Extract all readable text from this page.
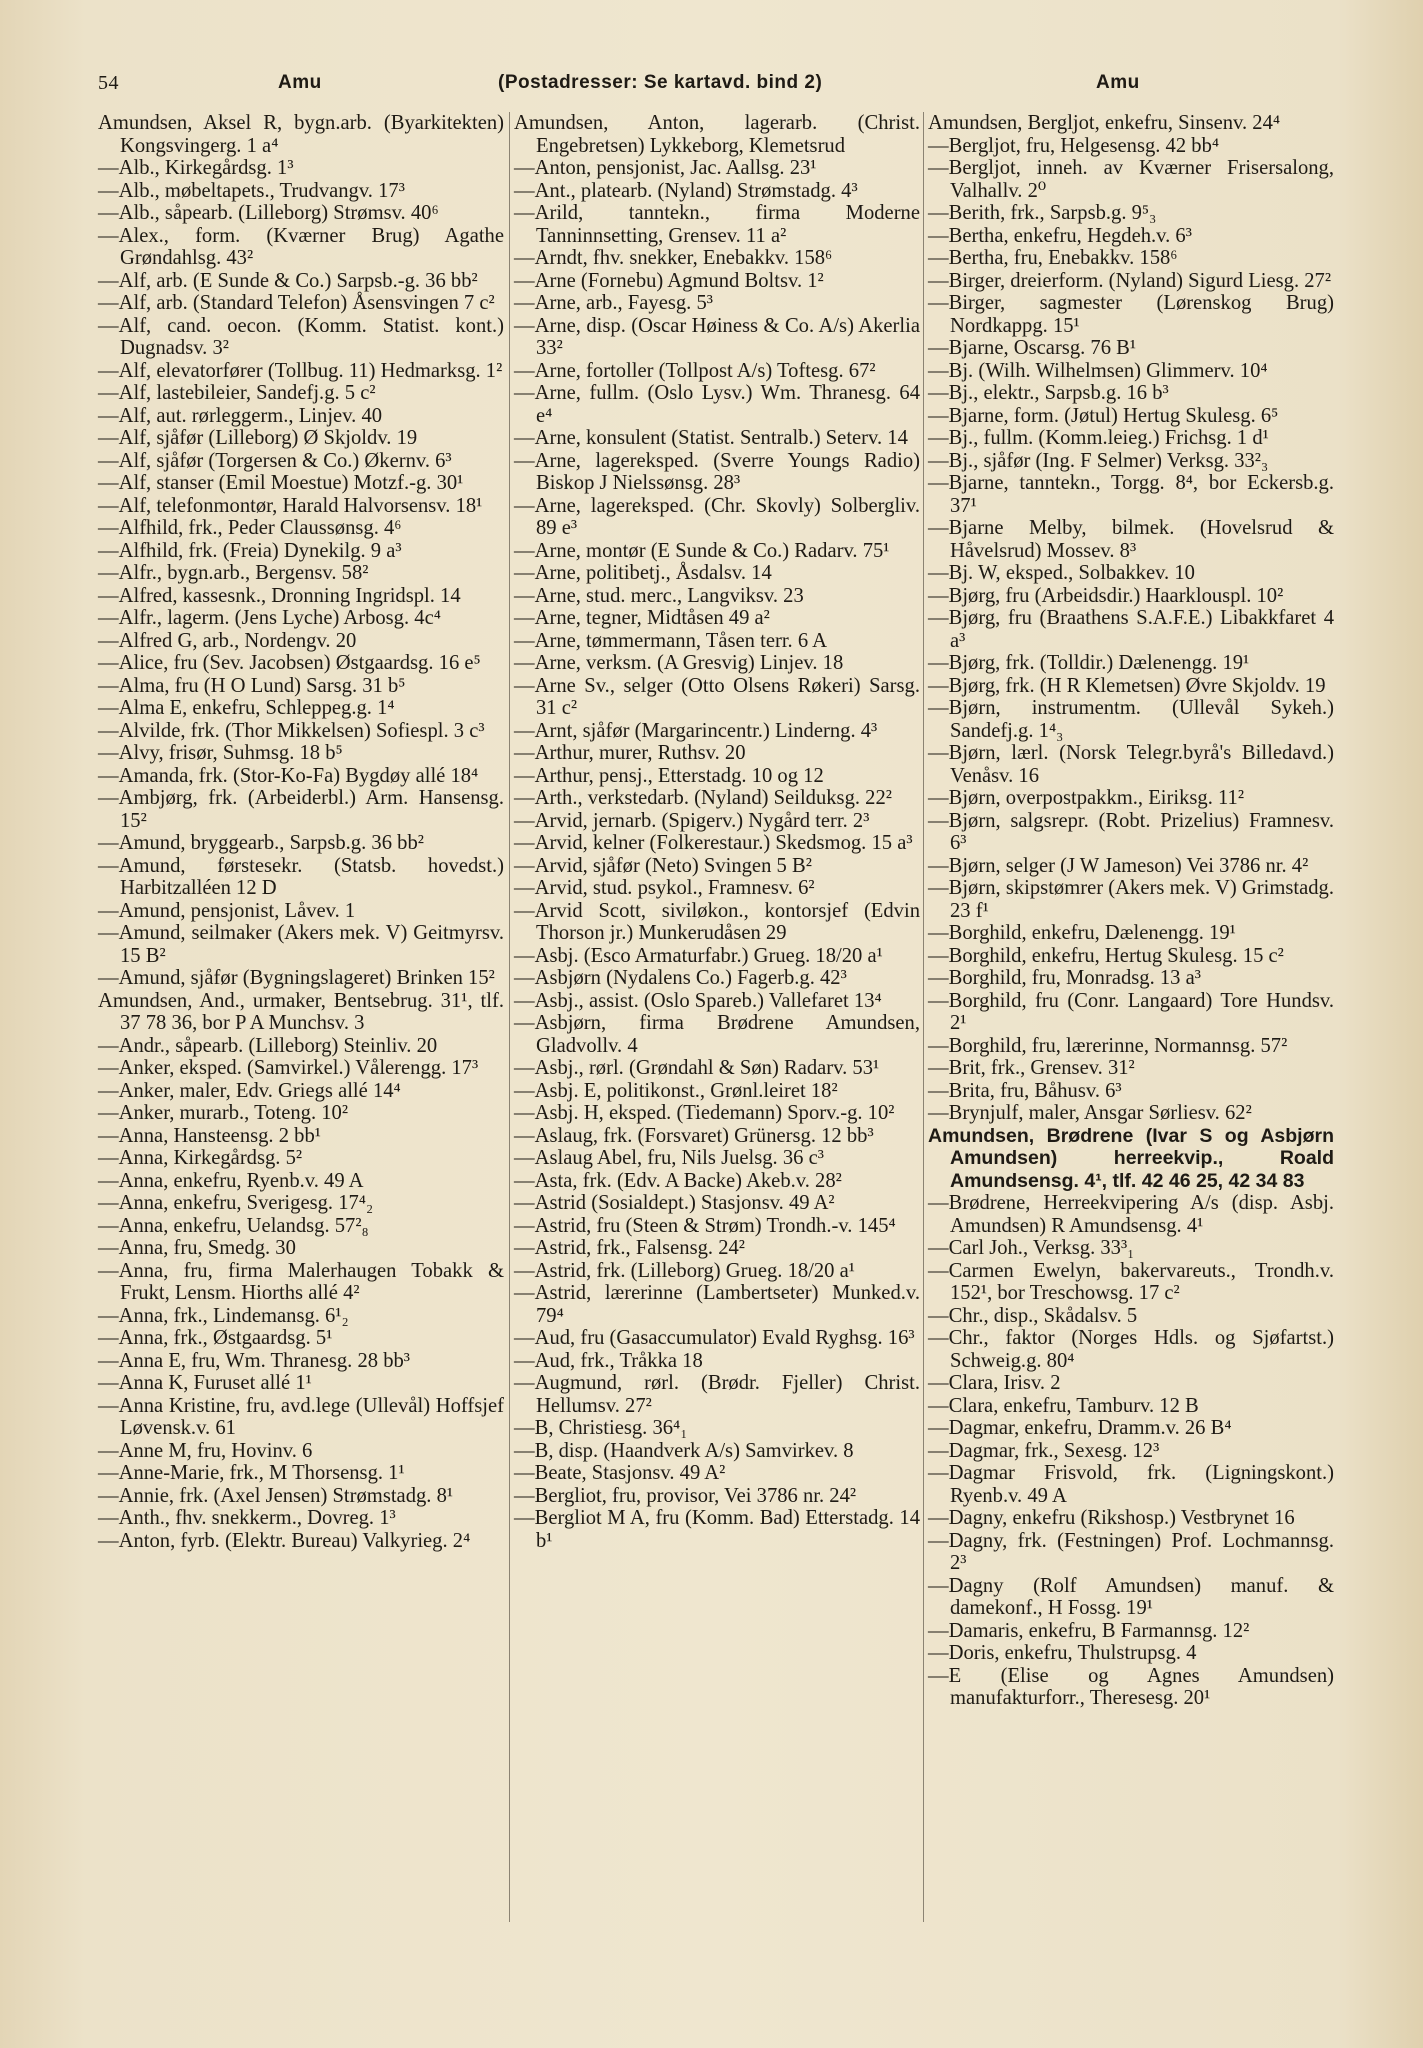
54	Amu	(Postadresser: Se kartavd. bind 2)	Amu

Amundsen, Aksel R, bygn.arb. (Byarkitekten) Kongsvingerg. 1 a⁴

—Alb., Kirkegårdsg. 1³

—Alb., møbeltapets., Trudvangv. 17³

—Alb., såpearb. (Lilleborg) Strømsv. 40⁶

—Alex., form. (Kværner Brug) Agathe Grøndahlsg. 43²

—Alf, arb. (E Sunde & Co.) Sarpsb.-g. 36 bb²

—Alf, arb. (Standard Telefon) Åsensvingen 7 c²

—Alf, cand. oecon. (Komm. Statist. kont.) Dugnadsv. 3²

—Alf, elevatorfører (Tollbug. 11) Hedmarksg. 1²

—Alf, lastebileier, Sandefj.g. 5 c²

—Alf, aut. rørleggerm., Linjev. 40

—Alf, sjåfør (Lilleborg) Ø Skjoldv. 19

—Alf, sjåfør (Torgersen & Co.) Økernv. 6³

—Alf, stanser (Emil Moestue) Motzf.-g. 30¹

—Alf, telefonmontør, Harald Halvorsensv. 18¹

—Alfhild, frk., Peder Claussønsg. 4⁶

—Alfhild, frk. (Freia) Dynekilg. 9 a³

—Alfr., bygn.arb., Bergensv. 58²

—Alfred, kassesnk., Dronning Ingridspl. 14

—Alfr., lagerm. (Jens Lyche) Arbosg. 4c⁴

—Alfred G, arb., Nordengv. 20

—Alice, fru (Sev. Jacobsen) Østgaardsg. 16 e⁵

—Alma, fru (H O Lund) Sarsg. 31 b⁵

—Alma E, enkefru, Schleppeg.g. 1⁴

—Alvilde, frk. (Thor Mikkelsen) Sofiespl. 3 c³

—Alvy, frisør, Suhmsg. 18 b⁵

—Amanda, frk. (Stor-Ko-Fa) Bygdøy allé 18⁴

—Ambjørg, frk. (Arbeiderbl.) Arm. Hansensg. 15²

—Amund, bryggearb., Sarpsb.g. 36 bb²

—Amund, førstesekr. (Statsb. hovedst.) Harbitzalléen 12 D

—Amund, pensjonist, Låvev. 1

—Amund, seilmaker (Akers mek. V) Geitmyrsv. 15 B²

—Amund, sjåfør (Bygningslageret) Brinken 15²

Amundsen, And., urmaker, Bentsebrug. 31¹, tlf. 37 78 36, bor P A Munchsv. 3

—Andr., såpearb. (Lilleborg) Steinliv. 20

—Anker, eksped. (Samvirkel.) Vålerengg. 17³

—Anker, maler, Edv. Griegs allé 14⁴

—Anker, murarb., Toteng. 10²

—Anna, Hansteensg. 2 bb¹

—Anna, Kirkegårdsg. 5²

—Anna, enkefru, Ryenb.v. 49 A

—Anna, enkefru, Sverigesg. 17⁴₂

—Anna, enkefru, Uelandsg. 57²₈

—Anna, fru, Smedg. 30

—Anna, fru, firma Malerhaugen Tobakk & Frukt, Lensm. Hiorths allé 4²

—Anna, frk., Lindemansg. 6¹₂

—Anna, frk., Østgaardsg. 5¹

—Anna E, fru, Wm. Thranesg. 28 bb³

—Anna K, Furuset allé 1¹

—Anna Kristine, fru, avd.lege (Ullevål) Hoffsjef Løvensk.v. 61

—Anne M, fru, Hovinv. 6

—Anne-Marie, frk., M Thorsensg. 1¹

—Annie, frk. (Axel Jensen) Strømstadg. 8¹

—Anth., fhv. snekkerm., Dovreg. 1³

—Anton, fyrb. (Elektr. Bureau) Valkyrieg. 2⁴

Amundsen, Anton, lagerarb. (Christ. Engebretsen) Lykkeborg, Klemetsrud

—Anton, pensjonist, Jac. Aallsg. 23¹

—Ant., platearb. (Nyland) Strømstadg. 4³

—Arild, tanntekn., firma Moderne Tanninnsetting, Grensev. 11 a²

—Arndt, fhv. snekker, Enebakkv. 158⁶

—Arne (Fornebu) Agmund Boltsv. 1²

—Arne, arb., Fayesg. 5³

—Arne, disp. (Oscar Høiness & Co. A/s) Akerlia 33²

—Arne, fortoller (Tollpost A/s) Toftesg. 67²

—Arne, fullm. (Oslo Lysv.) Wm. Thranesg. 64 e⁴

—Arne, konsulent (Statist. Sentralb.) Seterv. 14

—Arne, lagereksped. (Sverre Youngs Radio) Biskop J Nielssønsg. 28³

—Arne, lagereksped. (Chr. Skovly) Solbergliv. 89 e³

—Arne, montør (E Sunde & Co.) Radarv. 75¹

—Arne, politibetj., Åsdalsv. 14

—Arne, stud. merc., Langviksv. 23

—Arne, tegner, Midtåsen 49 a²

—Arne, tømmermann, Tåsen terr. 6 A

—Arne, verksm. (A Gresvig) Linjev. 18

—Arne Sv., selger (Otto Olsens Røkeri) Sarsg. 31 c²

—Arnt, sjåfør (Margarincentr.) Linderng. 4³

—Arthur, murer, Ruthsv. 20

—Arthur, pensj., Etterstadg. 10 og 12

—Arth., verkstedarb. (Nyland) Seilduksg. 22²

—Arvid, jernarb. (Spigerv.) Nygård terr. 2³

—Arvid, kelner (Folkerestaur.) Skedsmog. 15 a³

—Arvid, sjåfør (Neto) Svingen 5 B²

—Arvid, stud. psykol., Framnesv. 6²

—Arvid Scott, siviløkon., kontorsjef (Edvin Thorson jr.) Munkerudåsen 29

—Asbj. (Esco Armaturfabr.) Grueg. 18/20 a¹

—Asbjørn (Nydalens Co.) Fagerb.g. 42³

—Asbj., assist. (Oslo Spareb.) Vallefaret 13⁴

—Asbjørn, firma Brødrene Amundsen, Gladvollv. 4

—Asbj., rørl. (Grøndahl & Søn) Radarv. 53¹

—Asbj. E, politikonst., Grønl.leiret 18²

—Asbj. H, eksped. (Tiedemann) Sporv.-g. 10²

—Aslaug, frk. (Forsvaret) Grünersg. 12 bb³

—Aslaug Abel, fru, Nils Juelsg. 36 c³

—Asta, frk. (Edv. A Backe) Akeb.v. 28²

—Astrid (Sosialdept.) Stasjonsv. 49 A²

—Astrid, fru (Steen & Strøm) Trondh.-v. 145⁴

—Astrid, frk., Falsensg. 24²

—Astrid, frk. (Lilleborg) Grueg. 18/20 a¹

—Astrid, lærerinne (Lambertseter) Munked.v. 79⁴

—Aud, fru (Gasaccumulator) Evald Ryghsg. 16³

—Aud, frk., Tråkka 18

—Augmund, rørl. (Brødr. Fjeller) Christ. Hellumsv. 27²

—B, Christiesg. 36⁴₁

—B, disp. (Haandverk A/s) Samvirkev. 8

—Beate, Stasjonsv. 49 A²

—Bergliot, fru, provisor, Vei 3786 nr. 24²

—Bergliot M A, fru (Komm. Bad) Etterstadg. 14 b¹

Amundsen, Bergljot, enkefru, Sinsenv. 24⁴

—Bergljot, fru, Helgesensg. 42 bb⁴

—Bergljot, inneh. av Kværner Frisersalong, Valhallv. 2⁰

—Berith, frk., Sarpsb.g. 9⁵₃

—Bertha, enkefru, Hegdeh.v. 6³

—Bertha, fru, Enebakkv. 158⁶

—Birger, dreierform. (Nyland) Sigurd Liesg. 27²

—Birger, sagmester (Lørenskog Brug) Nordkappg. 15¹

—Bjarne, Oscarsg. 76 B¹

—Bj. (Wilh. Wilhelmsen) Glimmerv. 10⁴

—Bj., elektr., Sarpsb.g. 16 b³

—Bjarne, form. (Jøtul) Hertug Skulesg. 6⁵

—Bj., fullm. (Komm.leieg.) Frichsg. 1 d¹

—Bj., sjåfør (Ing. F Selmer) Verksg. 33²₃

—Bjarne, tanntekn., Torgg. 8⁴, bor Eckersb.g. 37¹

—Bjarne Melby, bilmek. (Hovelsrud & Håvelsrud) Mossev. 8³

—Bj. W, eksped., Solbakkev. 10

—Bjørg, fru (Arbeidsdir.) Haarklouspl. 10²

—Bjørg, fru (Braathens S.A.F.E.) Libakkfaret 4 a³

—Bjørg, frk. (Tolldir.) Dælenengg. 19¹

—Bjørg, frk. (H R Klemetsen) Øvre Skjoldv. 19

—Bjørn, instrumentm. (Ullevål Sykeh.) Sandefj.g. 1⁴₃

—Bjørn, lærl. (Norsk Telegr.byrå's Billedavd.) Venåsv. 16

—Bjørn, overpostpakkm., Eiriksg. 11²

—Bjørn, salgsrepr. (Robt. Prizelius) Framnesv. 6³

—Bjørn, selger (J W Jameson) Vei 3786 nr. 4²

—Bjørn, skipstømrer (Akers mek. V) Grimstadg. 23 f¹

—Borghild, enkefru, Dælenengg. 19¹

—Borghild, enkefru, Hertug Skulesg. 15 c²

—Borghild, fru, Monradsg. 13 a³

—Borghild, fru (Conr. Langaard) Tore Hundsv. 2¹

—Borghild, fru, lærerinne, Normannsg. 57²

—Brit, frk., Grensev. 31²

—Brita, fru, Båhusv. 6³

—Brynjulf, maler, Ansgar Sørliesv. 62²

Amundsen, Brødrene (Ivar S og Asbjørn Amundsen) herreekvip., Roald Amundsensg. 4¹, tlf. 42 46 25, 42 34 83

—Brødrene, Herreekvipering A/s (disp. Asbj. Amundsen) R Amundsensg. 4¹

—Carl Joh., Verksg. 33³₁

—Carmen Ewelyn, bakervareuts., Trondh.v. 152¹, bor Treschowsg. 17 c²

—Chr., disp., Skådalsv. 5

—Chr., faktor (Norges Hdls. og Sjøfartst.) Schweig.g. 80⁴

—Clara, Irisv. 2

—Clara, enkefru, Tamburv. 12 B

—Dagmar, enkefru, Dramm.v. 26 B⁴

—Dagmar, frk., Sexesg. 12³

—Dagmar Frisvold, frk. (Ligningskont.) Ryenb.v. 49 A

—Dagny, enkefru (Rikshosp.) Vestbrynet 16

—Dagny, frk. (Festningen) Prof. Lochmannsg. 2³

—Dagny (Rolf Amundsen) manuf. & damekonf., H Fossg. 19¹

—Damaris, enkefru, B Farmannsg. 12²

—Doris, enkefru, Thulstrupsg. 4

—E (Elise og Agnes Amundsen) manufakturforr., Theresesg. 20¹
